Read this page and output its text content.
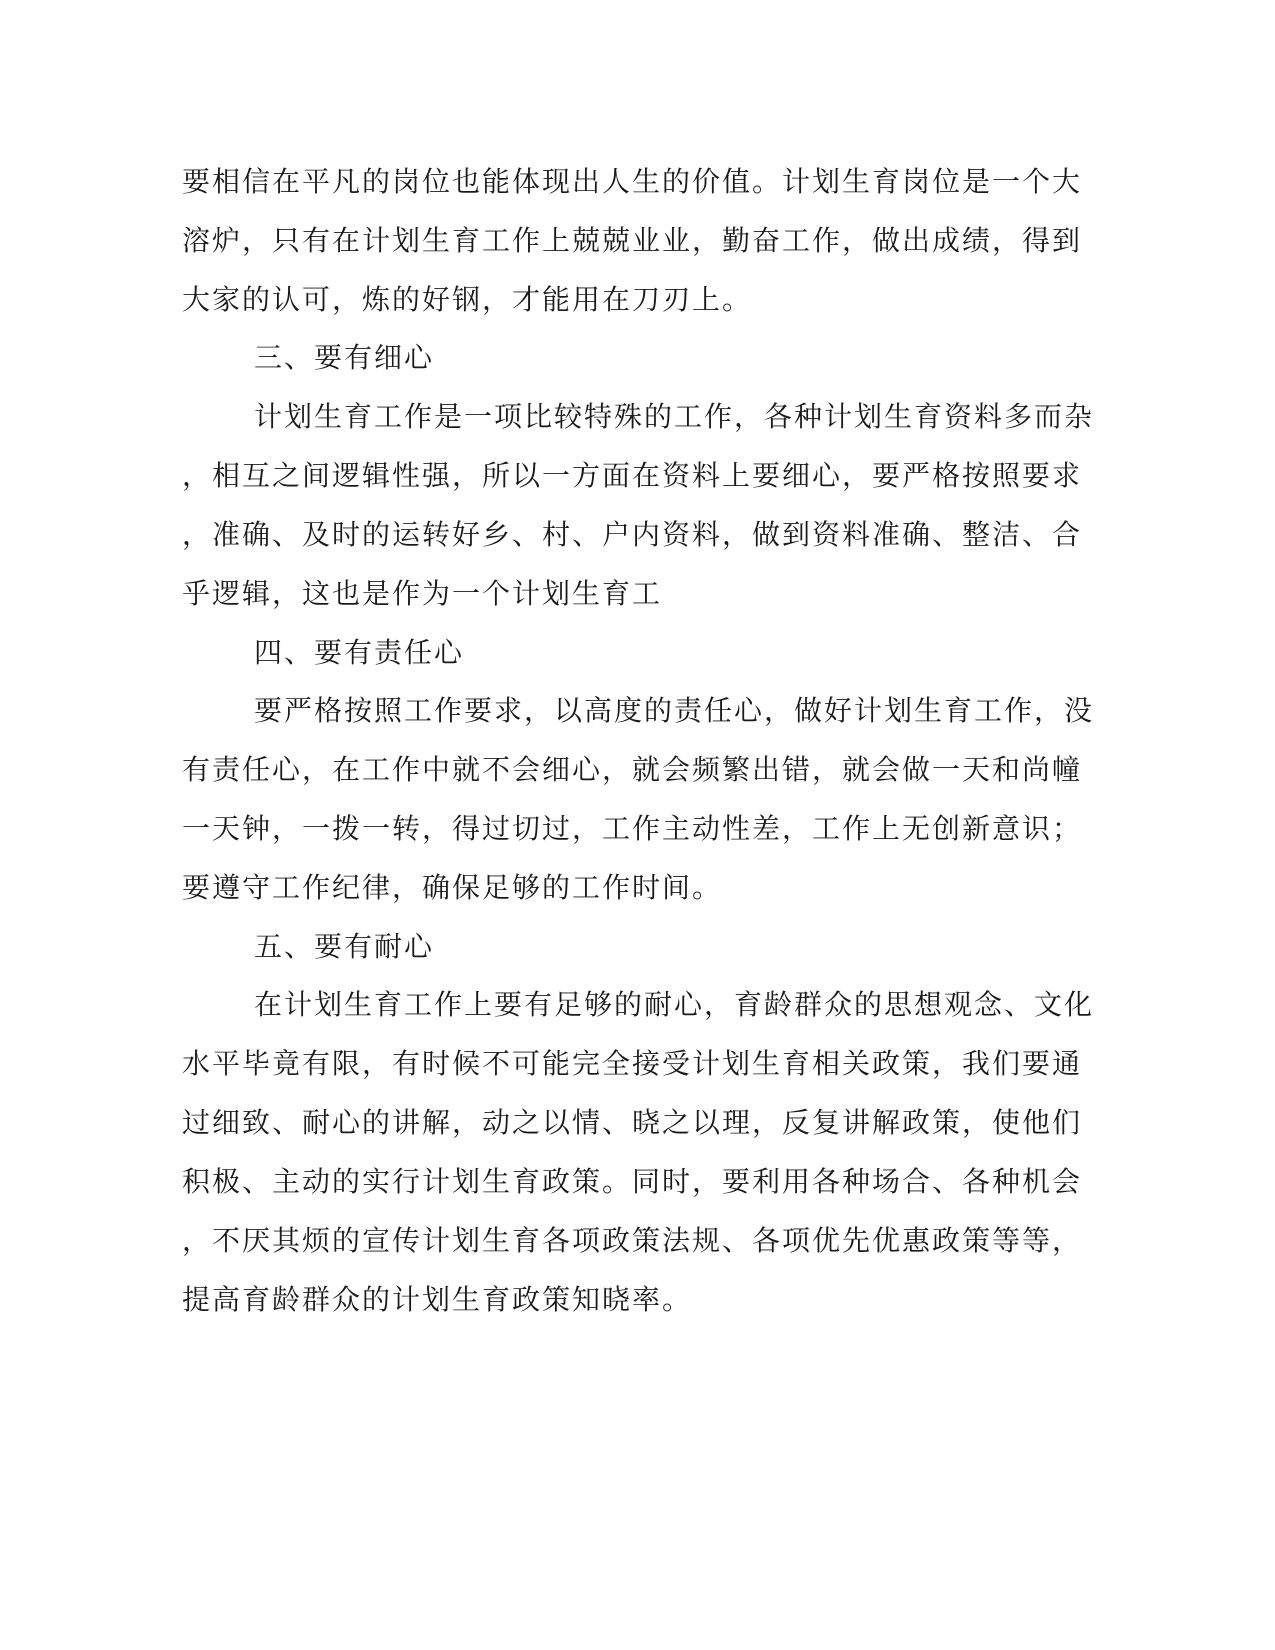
要相信在平凡的岗位也能体现出人生的价值。计划生育岗位是一个大
溶炉，只有在计划生育工作上兢兢业业，勤奋工作，做出成绩，得到
大家的认可，炼的好钢，才能用在刀刃上。
三、要有细心
计划生育工作是一项比较特殊的工作，各种计划生育资料多而杂
，相互之间逻辑性强，所以一方面在资料上要细心，要严格按照要求
，准确、及时的运转好乡、村、户内资料，做到资料准确、整洁、合
乎逻辑，这也是作为一个计划生育工
四、要有责任心
要严格按照工作要求，以高度的责任心，做好计划生育工作，没
有责任心，在工作中就不会细心，就会频繁出错，就会做一天和尚幢
一天钟，一拨一转，得过切过，工作主动性差，工作上无创新意识；
要遵守工作纪律，确保足够的工作时间。
五、要有耐心
在计划生育工作上要有足够的耐心，育龄群众的思想观念、文化
水平毕竟有限，有时候不可能完全接受计划生育相关政策，我们要通
过细致、耐心的讲解，动之以情、晓之以理，反复讲解政策，使他们
积极、主动的实行计划生育政策。同时，要利用各种场合、各种机会
，不厌其烦的宣传计划生育各项政策法规、各项优先优惠政策等等，
提高育龄群众的计划生育政策知晓率。
